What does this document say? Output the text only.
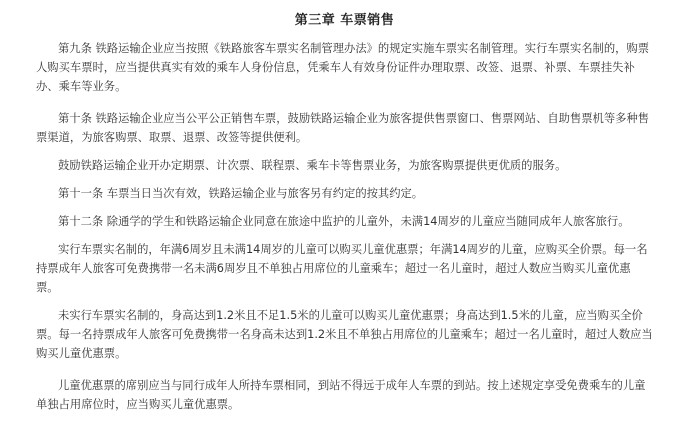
第三章 车票销售

第九条 铁路运输企业应当按照《铁路旅客车票实名制管理办法》的规定实施车票实名制管理。实行车票实名制的，购票人购买车票时，应当提供真实有效的乘车人身份信息，凭乘车人有效身份证件办理取票、改签、退票、补票、车票挂失补办、乘车等业务。

第十条 铁路运输企业应当公平公正销售车票，鼓励铁路运输企业为旅客提供售票窗口、售票网站、自助售票机等多种售票渠道，为旅客购票、取票、退票、改签等提供便利。

鼓励铁路运输企业开办定期票、计次票、联程票、乘车卡等售票业务，为旅客购票提供更优质的服务。

第十一条 车票当日当次有效，铁路运输企业与旅客另有约定的按其约定。

第十二条 除通学的学生和铁路运输企业同意在旅途中监护的儿童外，未满14周岁的儿童应当随同成年人旅客旅行。

实行车票实名制的，年满6周岁且未满14周岁的儿童可以购买儿童优惠票；年满14周岁的儿童，应购买全价票。每一名持票成年人旅客可免费携带一名未满6周岁且不单独占用席位的儿童乘车；超过一名儿童时，超过人数应当购买儿童优惠票。

未实行车票实名制的，身高达到1.2米且不足1.5米的儿童可以购买儿童优惠票；身高达到1.5米的儿童，应当购买全价票。每一名持票成年人旅客可免费携带一名身高未达到1.2米且不单独占用席位的儿童乘车；超过一名儿童时，超过人数应当购买儿童优惠票。

儿童优惠票的席别应当与同行成年人所持车票相同，到站不得远于成年人车票的到站。按上述规定享受免费乘车的儿童单独占用席位时，应当购买儿童优惠票。
